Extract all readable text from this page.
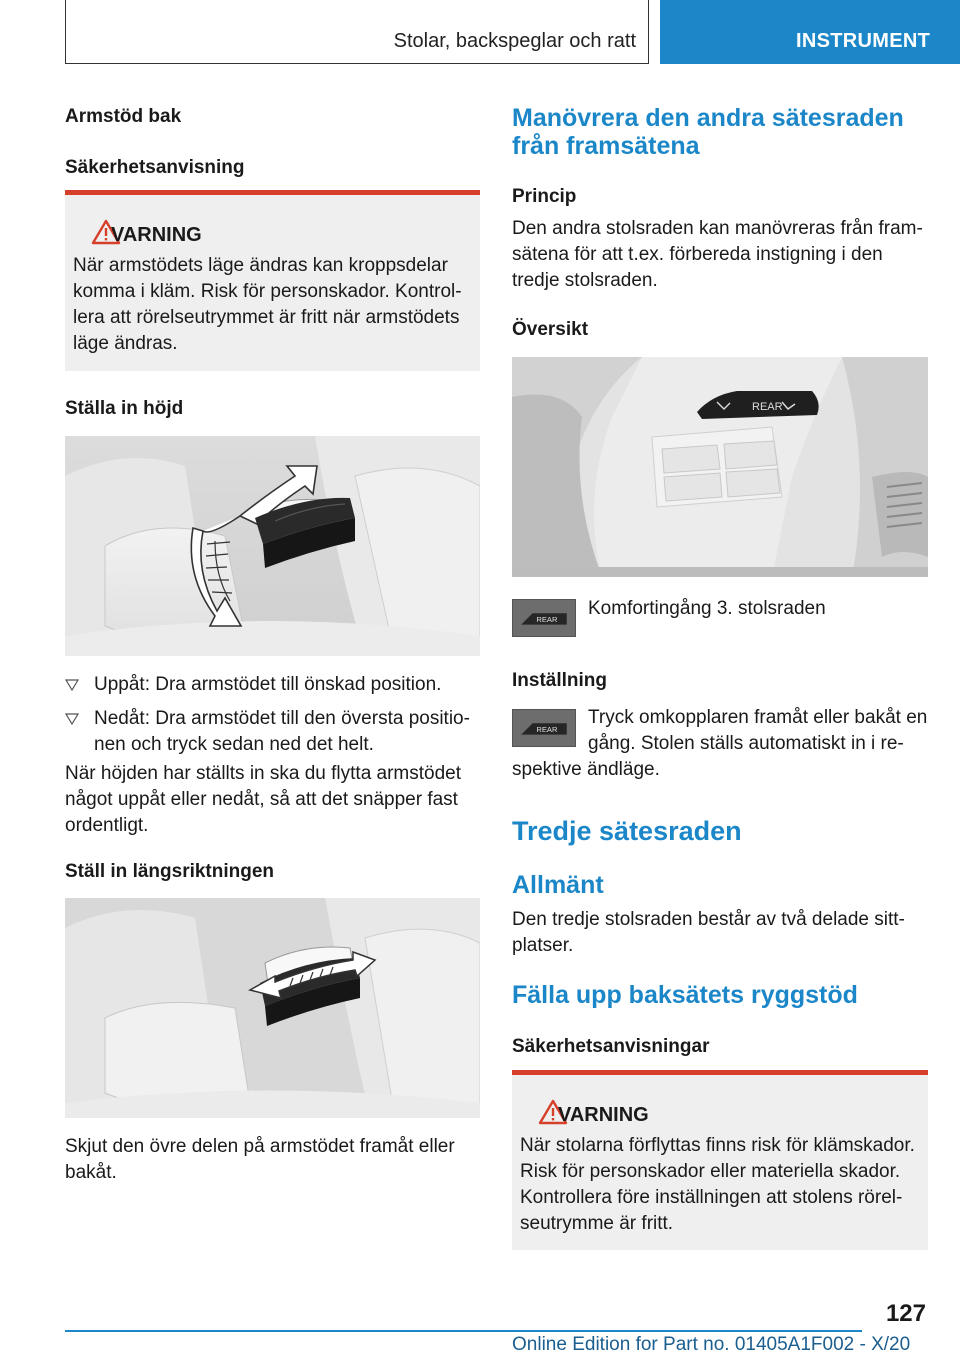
Stolar, backspeglar och ratt	INSTRUMENT
Armstöd bak
Säkerhetsanvisning
VARNING
När armstödets läge ändras kan kroppsdelar
komma i kläm. Risk för personskador. Kontrol-
lera att rörelseutrymmet är fritt när armstödets
läge ändras.
Ställa in höjd
Uppåt: Dra armstödet till önskad position.
Nedåt: Dra armstödet till den översta positio-
nen och tryck sedan ned det helt.
När höjden har ställts in ska du flytta armstödet
något uppåt eller nedåt, så att det snäpper fast
ordentligt.
Ställ in längsriktningen
Skjut den övre delen på armstödet framåt eller
bakåt.
Manövrera den andra sätesraden
från framsätena
Princip
Den andra stolsraden kan manövreras från fram-
sätena för att t.ex. förbereda instigning i den
tredje stolsraden.
Översikt
REAR
REAR
Komfortingång 3. stolsraden
Inställning
REAR
Tryck omkopplaren framåt eller bakåt en
gång. Stolen ställs automatiskt in i re-
spektive ändläge.
Tredje sätesraden
Allmänt
Den tredje stolsraden består av två delade sitt-
platser.
Fälla upp baksätets ryggstöd
Säkerhetsanvisningar
VARNING
När stolarna förflyttas finns risk för klämskador.
Risk för personskador eller materiella skador.
Kontrollera före inställningen att stolens rörel-
seutrymme är fritt.
127
Online Edition for Part no. 01405A1F002 - X/20
